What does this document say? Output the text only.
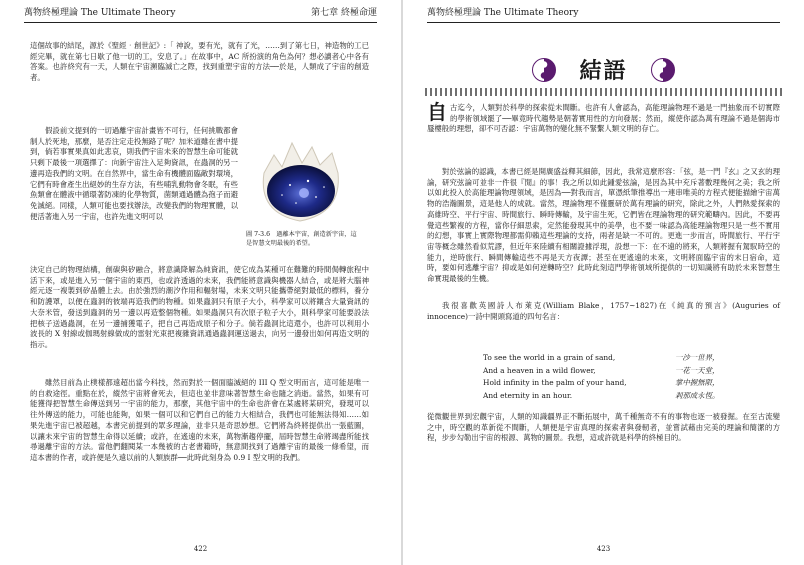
萬物終極理論 The Ultimate Theory	第七章 終極命運

這個故事的結尾，源於《聖經‧創世記》:「 神說，要有光，就有了光，……到了第七日，神造物的工已經完畢，就在第七日歇了他一切的工，安息了。」在故事中，AC 所扮演的角色為何？想必讀者心中各有答案。也許終究有一天，人類在宇宙瀕臨滅亡之際，找到重塑宇宙的方法──於是，人類成了宇宙的創造者。

假設前文提到的一切過離宇宙計畫皆不可行，任何挑戰都會制人於死地，那麼，是否注定走投無路了呢？加米道雖在書中提到，倘若事實果真如此悲哀，則我們宇宙未來的智慧生命可能就只剩下最後一項選擇了：向新宇宙注入足夠資訊，在蟲洞的另一邊再造我們的文明。在自然界中，當生命有機體面臨敵對環境，它們有時會產生出絕妙的生存方法，有些哺乳動物會冬眠，有些魚類會在體液中循環著防凍的化學物質，菌類通過體為孢子而避免滅絕。同樣，人類可能也要找辦法，改變我們的物理實體，以便活著進入另一宇宙，也許先進文明可以

圖 7-3.6　過離本宇宙，創造新宇宙，這是智慧文明最後的希望。

決定自己的物理結構，創碳與矽融合，將意識降解為純資訊，使它成為某種可在難難的時間侷轉旅程中活下來，或是進入另一個宇宙的東西，也或許透過的未來，我們能將意識與機器人結合，或是將大腦神經元逐一複製到矽晶體上去。由於強烈的潮汐作用和輻射場，未來文明只能攜帶絕對最低的標料，養分和防護罩，以便在蟲洞的彼端再造我們的物種。如果蟲洞只有原子大小，科學家可以將鑲含大量資訊的大奈米管，發送到蟲洞的另一邊以再造整個物種。如果蟲洞只有次原子粒子大小，則科學家可能要設法把核子送過蟲洞，在另一邊捕獲電子，把自己再造成原子和分子。倘若蟲洞比這還小，也許可以利用小波長的 X 射線或伽瑪射線做成的雷射光束把複雜資訊通過蟲洞運送過去，向另一邊發出如何再造文明的指示。

雖然目前為止樸樣都遠超出當今科技，然而對於一個面臨滅絕的 III Q 型文明而言，這可能是唯一的自救途徑。重點在於，縱然宇宙將會死去，但這也並非意味著智慧生命也隨之消逝。當然，如果有可能獲得把智慧生命傳送到另一宇宙的能力，那麼，其他宇宙中的生命也許會在某處將某研究，發現可以往外傳送的能力，可能也能夠，如果一個可以和它們自己的能力大相結合，我們也可能無法得知……如果先進宇宙已被超越，本書完前提到的眾多理論，並非只是奇思妙想。它們將為終將提供出一張藍圖，以讓未來宇宙的智慧生命得以延續；或許，在遙遠的未來，萬物漸趨停擺，屆時智慧生命將竭盡所能找尋過離宇宙的方法。當他們翻閱某一本幾被的古老書籍時，無意間找到了過離宇宙的最後一條希望，而這本書的作者，或許便是久遠以前的人類族群──此時此刻身為 0.9 I 型文明的我們。

422
萬物終極理論 The Ultimate Theory
結語
自 古迄今，人類對於科學的探索從未間斷。也許有人會認為，高能理論物理不過是一門抽象而不切實際的學術領域罷了──畢竟時代趨勢是朝著實用性的方向發展；然而，縱使你認為萬有理論不過是個海市蜃樓般的理想，卻不可否認：宇宙萬物的變化無不緊繫人類文明的存亡。

對於弦論的認識，本書已經是開廣盛益釋其細節，因此，我常這麼形容：「弦，是一門『玄』之又玄的理論，研究弦論可並非一件很『閒』的事！我之所以如此鍾愛弦論，是因為其中充斥著數理幾何之美；我之所以如此投入於高能理論物理領域，是因為──對我而言，單憑紙筆推導出一連串唯美的方程式便能描繪宇宙萬物的浩瀚圖景，這是他人的成就。當然，理論物理不僅靈研於萬有理論的研究，除此之外，人們熱愛探索的高維時空、平行宇宙、時間旅行、瞬時傳輸，及宇宙生死，它們皆在理論物理的研究範疇內。因此，不要再覺這些繁複的方程，當你仔細思索，定然能發現其中的美學，也不要一味認為高能理論物理只是一些不實用的幻想，事實上實際物理都需仰賴這些理論的支持，兩者是缺一不可的。更進一步而言，時間旅行、平行宇宙等概念雖然看似荒謬，但近年來陸續有相關證據浮現，設想一下：在不遠的將來，人類將握有駕馭時空的能力，逆時旅行、瞬間傳輸這些不再是天方夜譚；甚至在更遙遠的未來，文明將面臨宇宙的末日宿命，這時，要如何逃離宇宙？抑或是如何逆轉時空？此時此刻這門學術領域所提供的一切知識將有助於未來智慧生命實現最後的生機。

我很喜歡英國詩人布萊克(William Blake，1757~1827)在《純真的預言》(Auguries of innocence)一詩中開頭寫道的四句名言：

To see the world in a grain of sand,	一沙一世界，
And a heaven in a wild flower,	一花一天堂，
Hold infinity in the palm of your hand,	掌中握無限，
And eternity in an hour.	剎那成永恆。

從微觀世界到宏觀宇宙，人類的知識疆界正不斷拓展中，萬千種無奇不有的事物也逐一被發掘。在至古流變之中，時空觀的革新從不間斷，人類便是宇宙真理的探索者與發軔者，並嘗試藉由完美的理論和簡潔的方程，步步勾勒出宇宙的根源、萬物的圖景。我想，這或許就是科學的終極目的。

423
